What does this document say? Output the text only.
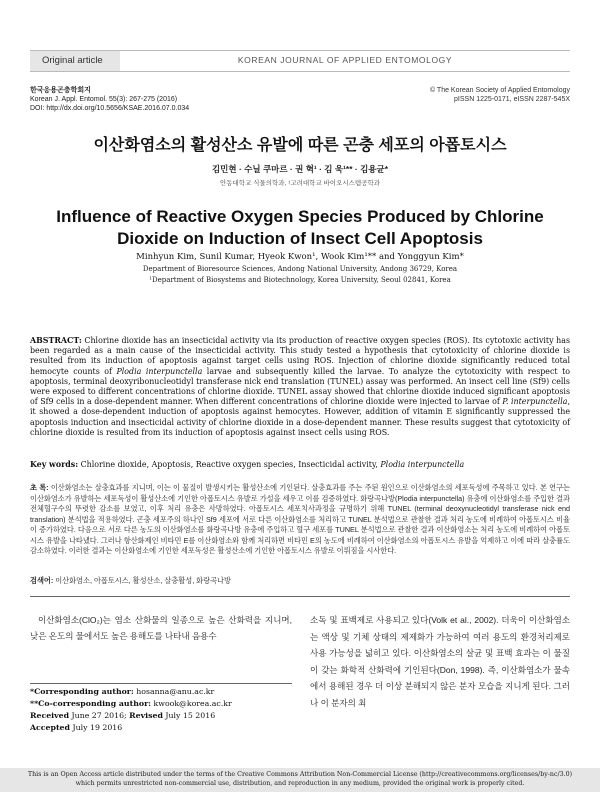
Original article	KOREAN JOURNAL OF APPLIED ENTOMOLOGY
한국응용곤충학회지
Korean J. Appl. Entomol. 55(3): 267-275 (2016)
DOI: http://dx.doi.org/10.5656/KSAE.2016.07.0.034
© The Korean Society of Applied Entomology
pISSN 1225-0171, eISSN 2287-545X
이산화염소의 활성산소 유발에 따른 곤충 세포의 아폽토시스
김민현 · 수닐 쿠마르 · 권 혁¹ · 김 욱¹** · 김용균*
안동대학교 식물의학과, ¹고려대학교 바이오시스템공학과
Influence of Reactive Oxygen Species Produced by Chlorine Dioxide on Induction of Insect Cell Apoptosis
Minhyun Kim, Sunil Kumar, Hyeok Kwon¹, Wook Kim¹** and Yonggyun Kim*
Department of Bioresource Sciences, Andong National University, Andong 36729, Korea
¹Department of Biosystems and Biotechnology, Korea University, Seoul 02841, Korea
ABSTRACT: Chlorine dioxide has an insecticidal activity via its production of reactive oxygen species (ROS). Its cytotoxic activity has been regarded as a main cause of the insecticidal activity. This study tested a hypothesis that cytotoxicity of chlorine dioxide is resulted from its induction of apoptosis against target cells using ROS. Injection of chlorine dioxide significantly reduced total hemocyte counts of Plodia interpunctella larvae and subsequently killed the larvae. To analyze the cytotoxicity with respect to apoptosis, terminal deoxyribonucleotidyl transferase nick end translation (TUNEL) assay was performed. An insect cell line (Sf9) cells were exposed to different concentrations of chlorine dioxide. TUNEL assay showed that chlorine dioxide induced significant apoptosis of Sf9 cells in a dose-dependent manner. When different concentrations of chlorine dioxide were injected to larvae of P. interpunctella, it showed a dose-dependent induction of apoptosis against hemocytes. However, addition of vitamin E significantly suppressed the apoptosis induction and insecticidal activity of chlorine dioxide in a dose-dependent manner. These results suggest that cytotoxicity of chlorine dioxide is resulted from its induction of apoptosis against insect cells using ROS.
Key words: Chlorine dioxide, Apoptosis, Reactive oxygen species, Insecticidal activity, Plodia interpunctella
초 록: 이산화염소는 살충효과를 지니며, 이는 이 물질이 발생시키는 활성산소에 기인된다. 살충효과를 주는 주된 원인으로 이산화염소의 세포독성에 주목하고 있다. 본 연구는 이산화염소가 유발하는 세포독성이 활성산소에 기인한 아폽토시스 유발로 가설을 세우고 이를 검증하였다. 화랑곡나방(Plodia interpunctella) 유충에 이산화염소를 주입한 결과 전체혈구수의 뚜렷한 감소를 보였고, 이후 처리 유충은 사망하였다. 아폽토시스 세포치사과정을 규명하기 위해 TUNEL (terminal deoxynucleotidyl transferase nick end translation) 분석법을 적용하였다. 곤충 세포주의 하나인 Sf9 세포에 서로 다른 이산화염소를 처리하고 TUNEL 분석법으로 관찰한 결과 처리 농도에 비례하여 아폽토시스 비율이 증가하였다. 다음으로 서로 다른 농도의 이산화염소를 화랑곡나방 유충에 주입하고 혈구 세포를 TUNEL 분석법으로 관찰한 결과 이산화염소는 처리 농도에 비례하여 아폽토시스 유발을 나타냈다. 그러나 항산화제인 비타민 E를 이산화염소와 함께 처리하면 비타민 E의 농도에 비례하여 이산화염소의 아폽토시스 유발을 억제하고 이에 따라 살충률도 감소하였다. 이러한 결과는 이산화염소에 기인한 세포독성은 활성산소에 기인한 아폽토시스 유발로 이뤄짐을 시사한다.
검색어: 이산화염소, 아폽토시스, 활성산소, 살충활성, 화랑곡나방
이산화염소(ClO₂)는 염소 산화물의 일종으로 높은 산화력을 지니며, 낮은 온도의 물에서도 높은 용해도를 나타내 음용수
*Corresponding author: hosanna@anu.ac.kr
**Co-corresponding author: kwook@korea.ac.kr
Received June 27 2016; Revised July 15 2016
Accepted July 19 2016
소독 및 표백제로 사용되고 있다(Volk et al., 2002). 더욱이 이산화염소는 액상 및 기체 상태의 제제화가 가능하여 여러 용도의 환경처리제로 사용 가능성을 넓히고 있다. 이산화염소의 살균 및 표백 효과는 이 물질이 갖는 화학적 산화력에 기인된다(Don, 1998). 즉, 이산화염소가 물속에서 용해된 경우 더 이상 분해되지 않은 분자 모습을 지니게 된다. 그러나 이 분자의 최
This is an Open Access article distributed under the terms of the Creative Commons Attribution Non-Commercial License (http://creativecommons.org/licenses/by-nc/3.0) which permits unrestricted non-commercial use, distribution, and reproduction in any medium, provided the original work is properly cited.
